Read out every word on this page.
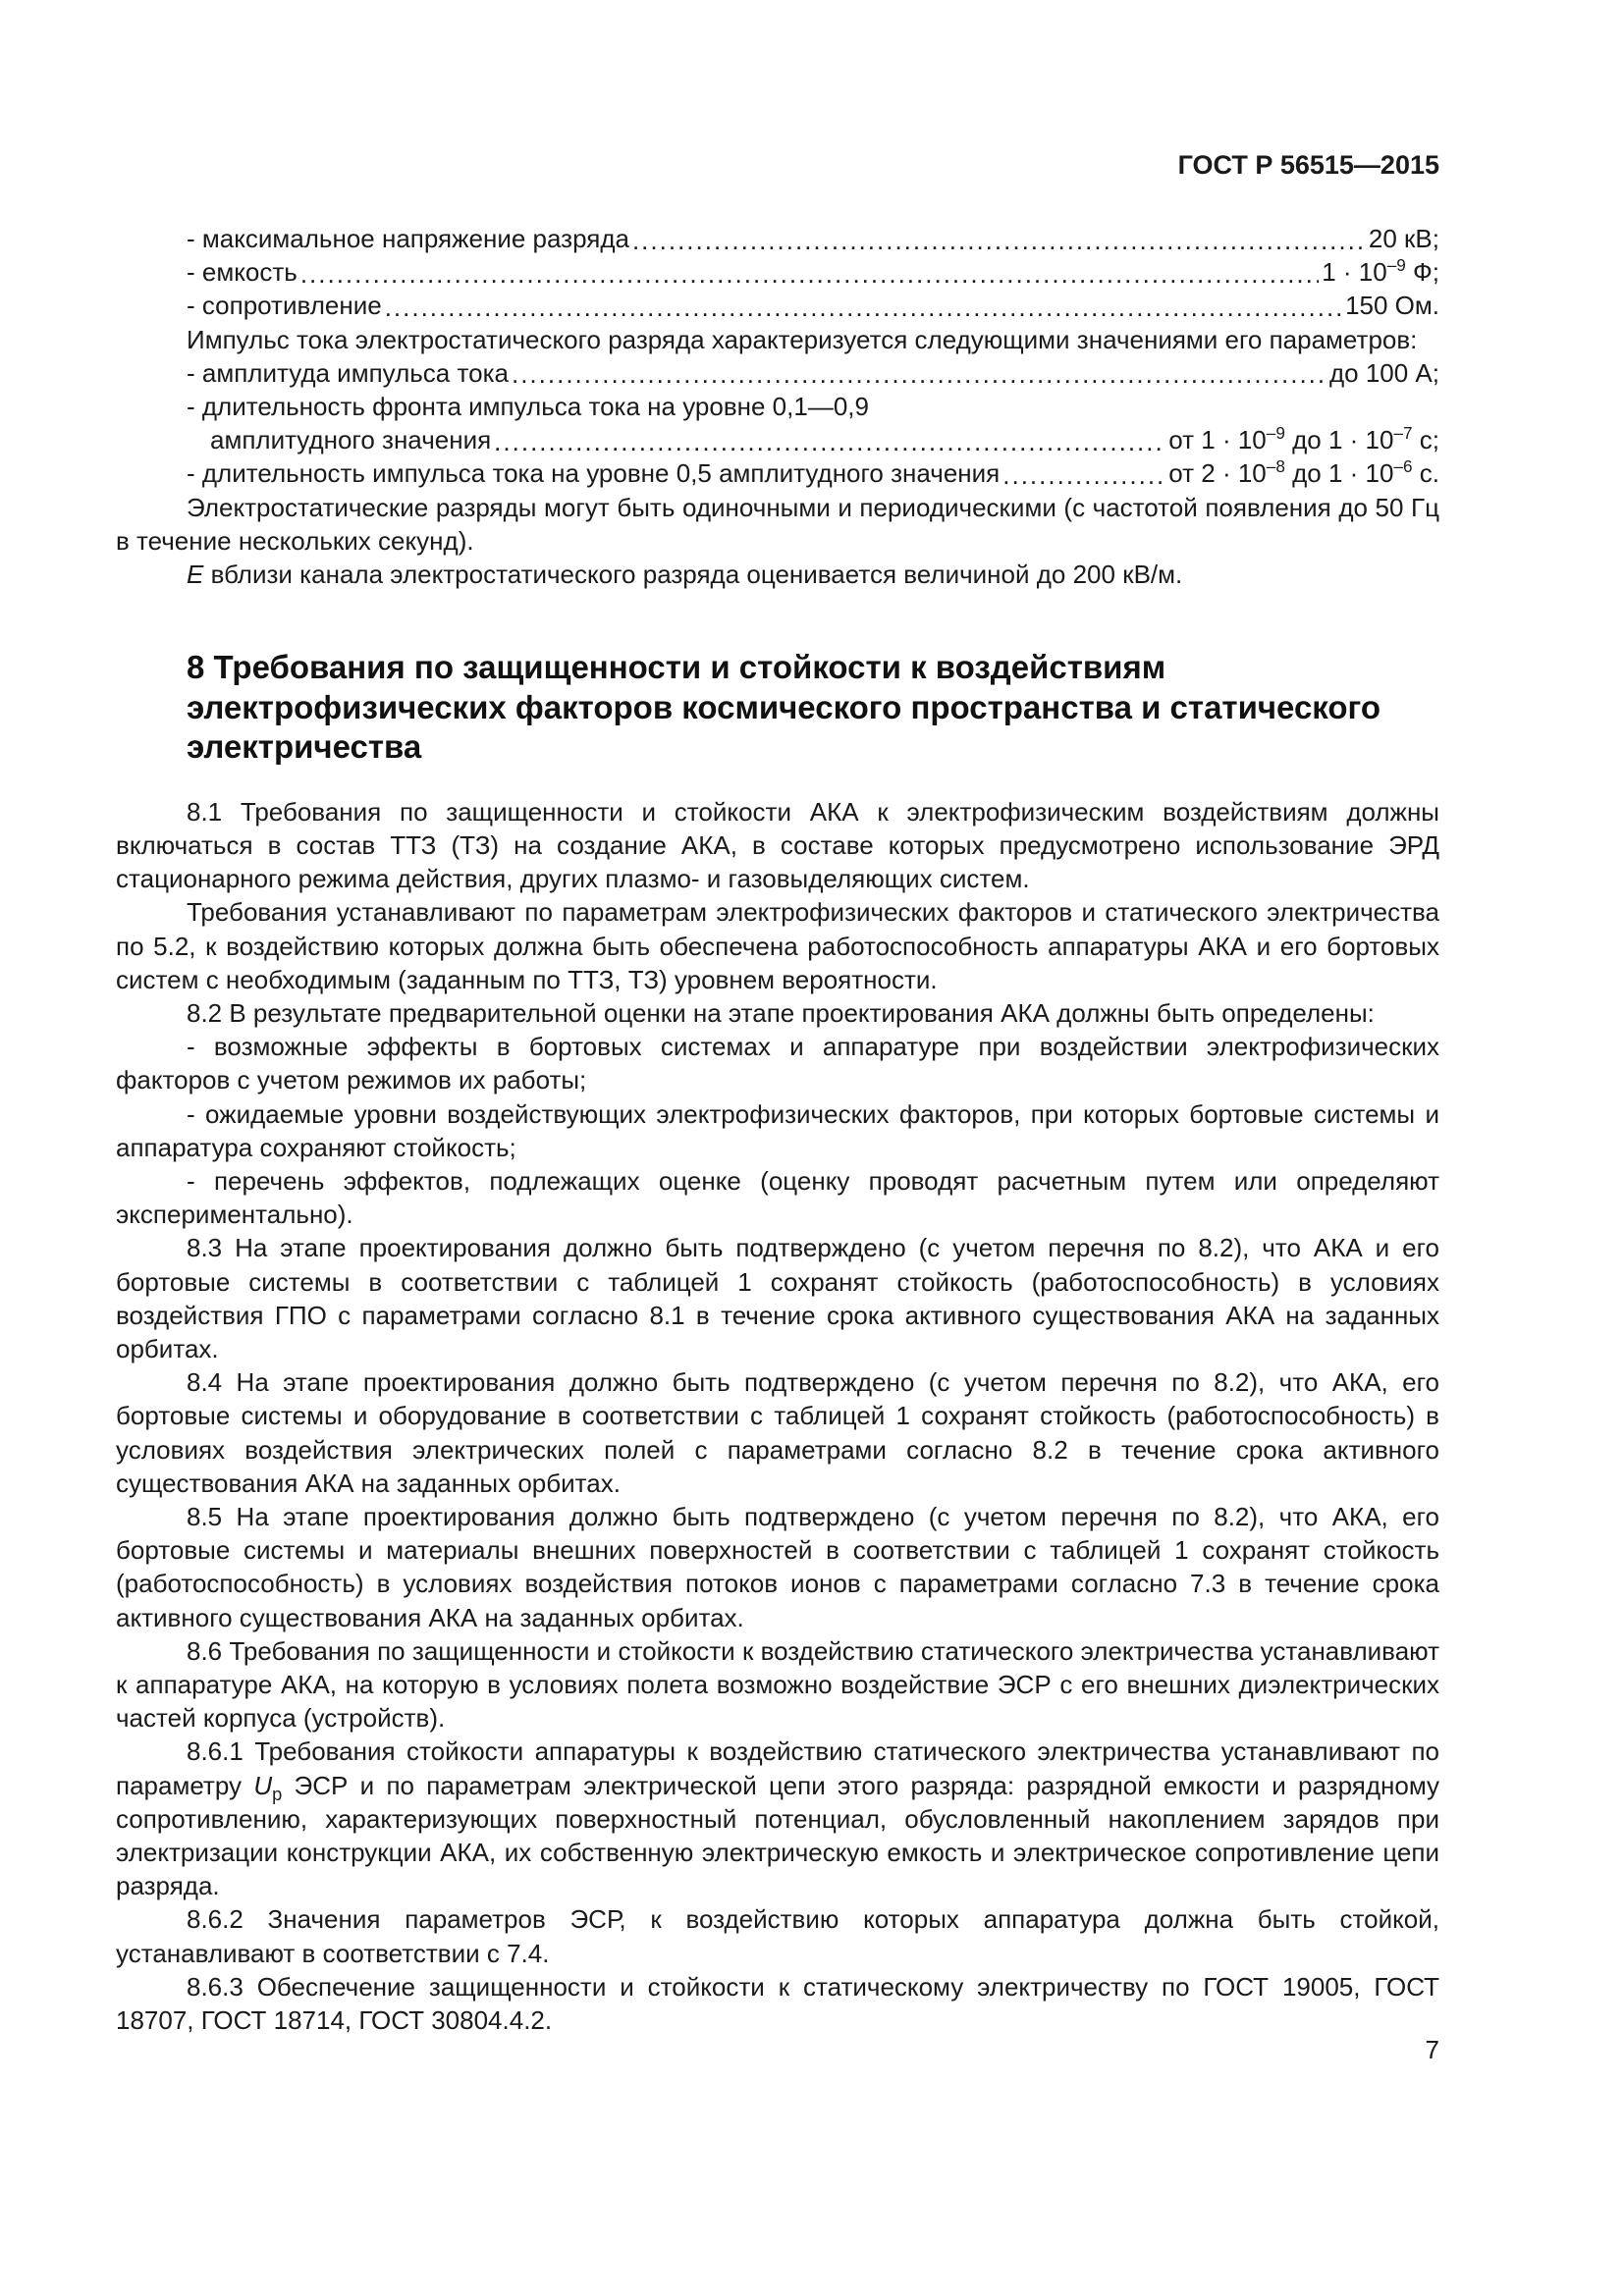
ГОСТ Р 56515—2015
- максимальное напряжение разряда .....	20 кВ;
- емкость .....	$1 \cdot 10^{-9}$ Ф;
- сопротивление .....	150 Ом.

Импульс тока электростатического разряда характеризуется следующими значениями его параметров:

- амплитуда импульса тока .....	до 100 А;
- длительность фронта импульса тока на уровне 0,1—0,9
амплитудного значения .....	от $1 \cdot 10^{-9}$ до $1 \cdot 10^{-7}$ с;
- длительность импульса тока на уровне 0,5 амплитудного значения .....	от $2 \cdot 10^{-8}$ до $1 \cdot 10^{-6}$ с.

Электростатические разряды могут быть одиночными и периодическими (с частотой появления до 50 Гц в течение нескольких секунд).

E вблизи канала электростатического разряда оценивается величиной до 200 кВ/м.

8 Требования по защищенности и стойкости к воздействиям электрофизических факторов космического пространства и статического электричества

8.1 Требования по защищенности и стойкости АКА к электрофизическим воздействиям должны включаться в состав ТТЗ (ТЗ) на создание АКА, в составе которых предусмотрено использование ЭРД стационарного режима действия, других плазмо- и газовыделяющих систем.

Требования устанавливают по параметрам электрофизических факторов и статического электричества по 5.2, к воздействию которых должна быть обеспечена работоспособность аппаратуры АКА и его бортовых систем с необходимым (заданным по ТТЗ, ТЗ) уровнем вероятности.

8.2 В результате предварительной оценки на этапе проектирования АКА должны быть определены:

- возможные эффекты в бортовых системах и аппаратуре при воздействии электрофизических факторов с учетом режимов их работы;

- ожидаемые уровни воздействующих электрофизических факторов, при которых бортовые системы и аппаратура сохраняют стойкость;

- перечень эффектов, подлежащих оценке (оценку проводят расчетным путем или определяют экспериментально).

8.3 На этапе проектирования должно быть подтверждено (с учетом перечня по 8.2), что АКА и его бортовые системы в соответствии с таблицей 1 сохранят стойкость (работоспособность) в условиях воздействия ГПО с параметрами согласно 8.1 в течение срока активного существования АКА на заданных орбитах.

8.4 На этапе проектирования должно быть подтверждено (с учетом перечня по 8.2), что АКА, его бортовые системы и оборудование в соответствии с таблицей 1 сохранят стойкость (работоспособность) в условиях воздействия электрических полей с параметрами согласно 8.2 в течение срока активного существования АКА на заданных орбитах.

8.5 На этапе проектирования должно быть подтверждено (с учетом перечня по 8.2), что АКА, его бортовые системы и материалы внешних поверхностей в соответствии с таблицей 1 сохранят стойкость (работоспособность) в условиях воздействия потоков ионов с параметрами согласно 7.3 в течение срока активного существования АКА на заданных орбитах.

8.6 Требования по защищенности и стойкости к воздействию статического электричества устанавливают к аппаратуре АКА, на которую в условиях полета возможно воздействие ЭСР с его внешних диэлектрических частей корпуса (устройств).

8.6.1 Требования стойкости аппаратуры к воздействию статического электричества устанавливают по параметру $U_р$ ЭСР и по параметрам электрической цепи этого разряда: разрядной емкости и разрядному сопротивлению, характеризующих поверхностный потенциал, обусловленный накоплением зарядов при электризации конструкции АКА, их собственную электрическую емкость и электрическое сопротивление цепи разряда.

8.6.2 Значения параметров ЭСР, к воздействию которых аппаратура должна быть стойкой, устанавливают в соответствии с 7.4.

8.6.3 Обеспечение защищенности и стойкости к статическому электричеству по ГОСТ 19005, ГОСТ 18707, ГОСТ 18714, ГОСТ 30804.4.2.

7
